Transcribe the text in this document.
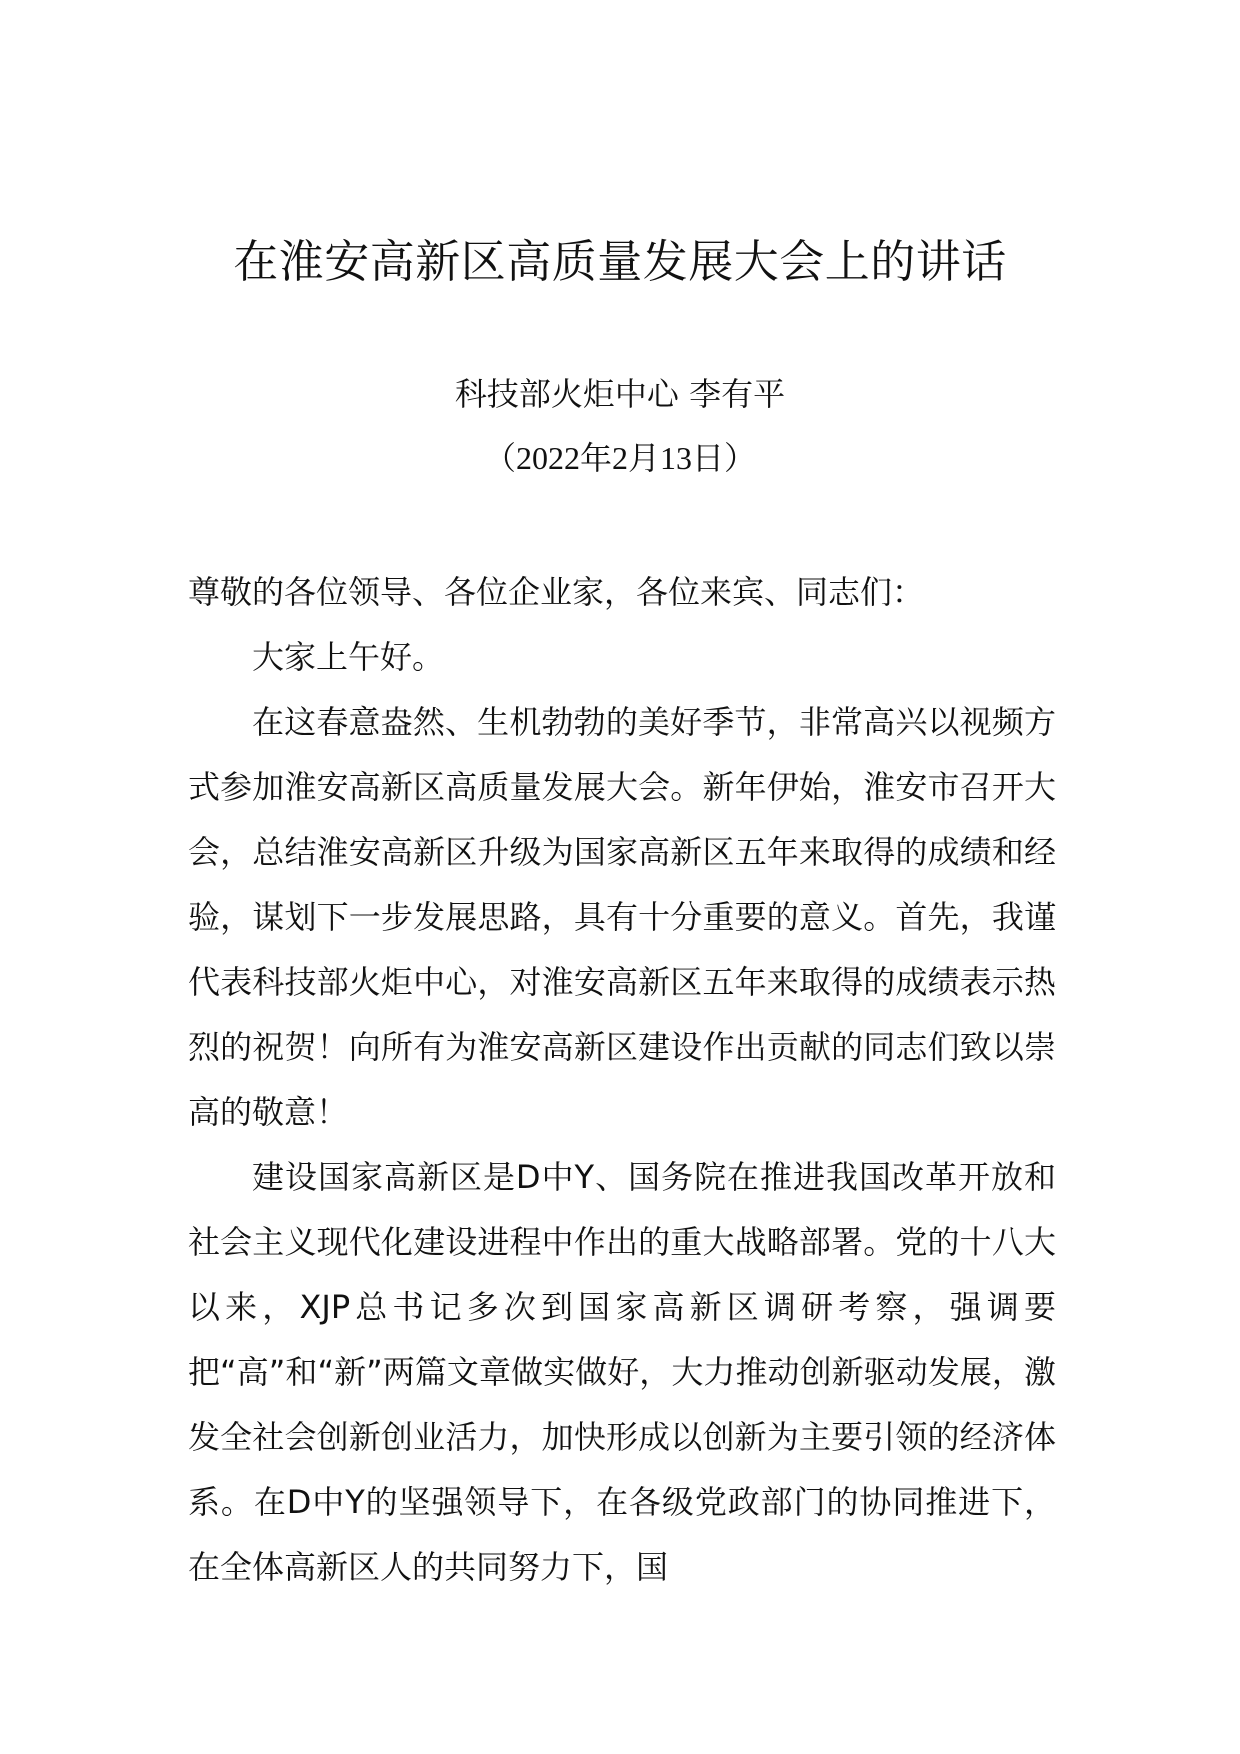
在淮安高新区高质量发展大会上的讲话
科技部火炬中心 李有平
（2022年2月13日）

尊敬的各位领导、各位企业家，各位来宾、同志们：

大家上午好。

在这春意盎然、生机勃勃的美好季节，非常高兴以视频方式参加淮安高新区高质量发展大会。新年伊始，淮安市召开大会，总结淮安高新区升级为国家高新区五年来取得的成绩和经验，谋划下一步发展思路，具有十分重要的意义。首先，我谨代表科技部火炬中心，对淮安高新区五年来取得的成绩表示热烈的祝贺！向所有为淮安高新区建设作出贡献的同志们致以崇高的敬意！

建设国家高新区是D中Y、国务院在推进我国改革开放和社会主义现代化建设进程中作出的重大战略部署。党的十八大以来，XJP总书记多次到国家高新区调研考察，强调要把“高”和“新”两篇文章做实做好，大力推动创新驱动发展，激发全社会创新创业活力，加快形成以创新为主要引领的经济体系。在D中Y的坚强领导下，在各级党政部门的协同推进下，在全体高新区人的共同努力下，国
